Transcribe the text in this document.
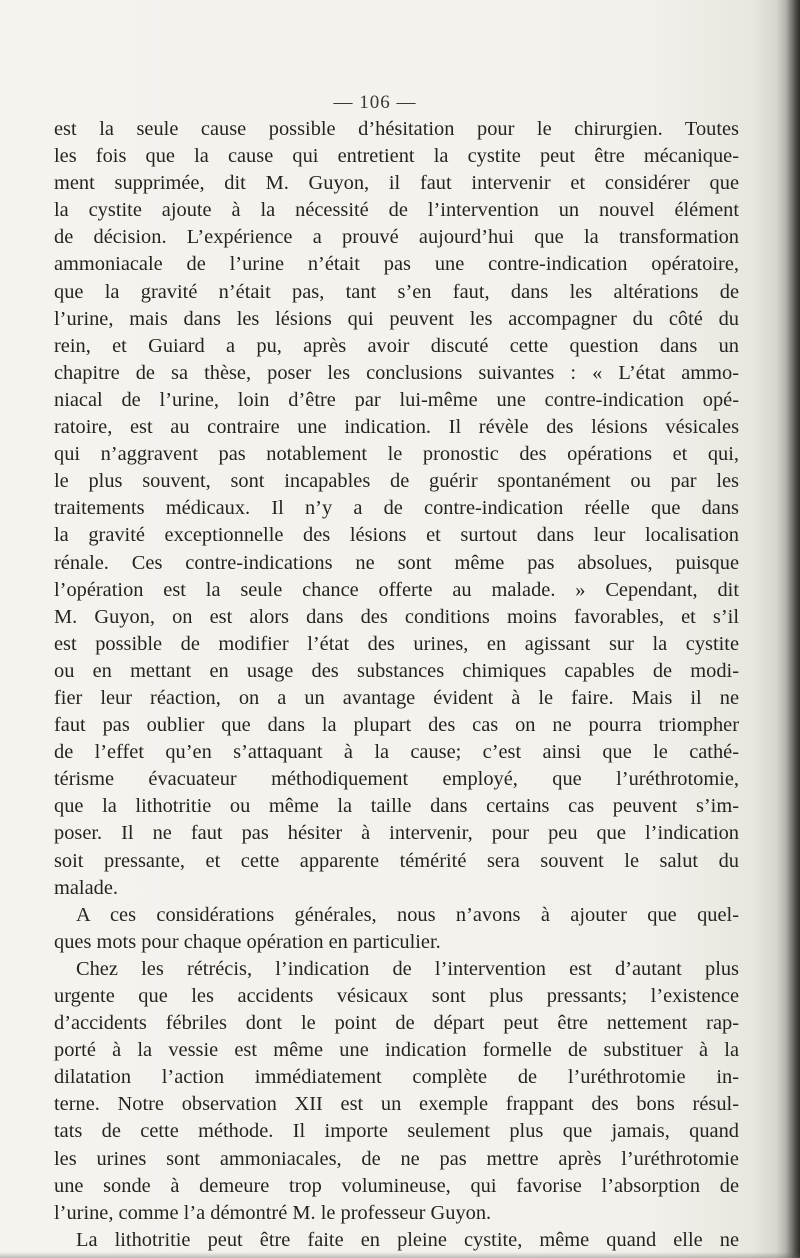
— 106 —
est la seule cause possible d’hésitation pour le chirurgien. Toutes
les fois que la cause qui entretient la cystite peut être mécanique-
ment supprimée, dit M. Guyon, il faut intervenir et considérer que
la cystite ajoute à la nécessité de l’intervention un nouvel élément
de décision. L’expérience a prouvé aujourd’hui que la transformation
ammoniacale de l’urine n’était pas une contre-indication opératoire,
que la gravité n’était pas, tant s’en faut, dans les altérations de
l’urine, mais dans les lésions qui peuvent les accompagner du côté du
rein, et Guiard a pu, après avoir discuté cette question dans un
chapitre de sa thèse, poser les conclusions suivantes : « L’état ammo-
niacal de l’urine, loin d’être par lui-même une contre-indication opé-
ratoire, est au contraire une indication. Il révèle des lésions vésicales
qui n’aggravent pas notablement le pronostic des opérations et qui,
le plus souvent, sont incapables de guérir spontanément ou par les
traitements médicaux. Il n’y a de contre-indication réelle que dans
la gravité exceptionnelle des lésions et surtout dans leur localisation
rénale. Ces contre-indications ne sont même pas absolues, puisque
l’opération est la seule chance offerte au malade. » Cependant, dit
M. Guyon, on est alors dans des conditions moins favorables, et s’il
est possible de modifier l’état des urines, en agissant sur la cystite
ou en mettant en usage des substances chimiques capables de modi-
fier leur réaction, on a un avantage évident à le faire. Mais il ne
faut pas oublier que dans la plupart des cas on ne pourra triompher
de l’effet qu’en s’attaquant à la cause; c’est ainsi que le cathé-
térisme évacuateur méthodiquement employé, que l’uréthrotomie,
que la lithotritie ou même la taille dans certains cas peuvent s’im-
poser. Il ne faut pas hésiter à intervenir, pour peu que l’indication
soit pressante, et cette apparente témérité sera souvent le salut du
malade.
A ces considérations générales, nous n’avons à ajouter que quel-
ques mots pour chaque opération en particulier.
Chez les rétrécis, l’indication de l’intervention est d’autant plus
urgente que les accidents vésicaux sont plus pressants; l’existence
d’accidents fébriles dont le point de départ peut être nettement rap-
porté à la vessie est même une indication formelle de substituer à la
dilatation l’action immédiatement complète de l’uréthrotomie in-
terne. Notre observation XII est un exemple frappant des bons résul-
tats de cette méthode. Il importe seulement plus que jamais, quand
les urines sont ammoniacales, de ne pas mettre après l’uréthrotomie
une sonde à demeure trop volumineuse, qui favorise l’absorption de
l’urine, comme l’a démontré M. le professeur Guyon.
La lithotritie peut être faite en pleine cystite, même quand elle ne
